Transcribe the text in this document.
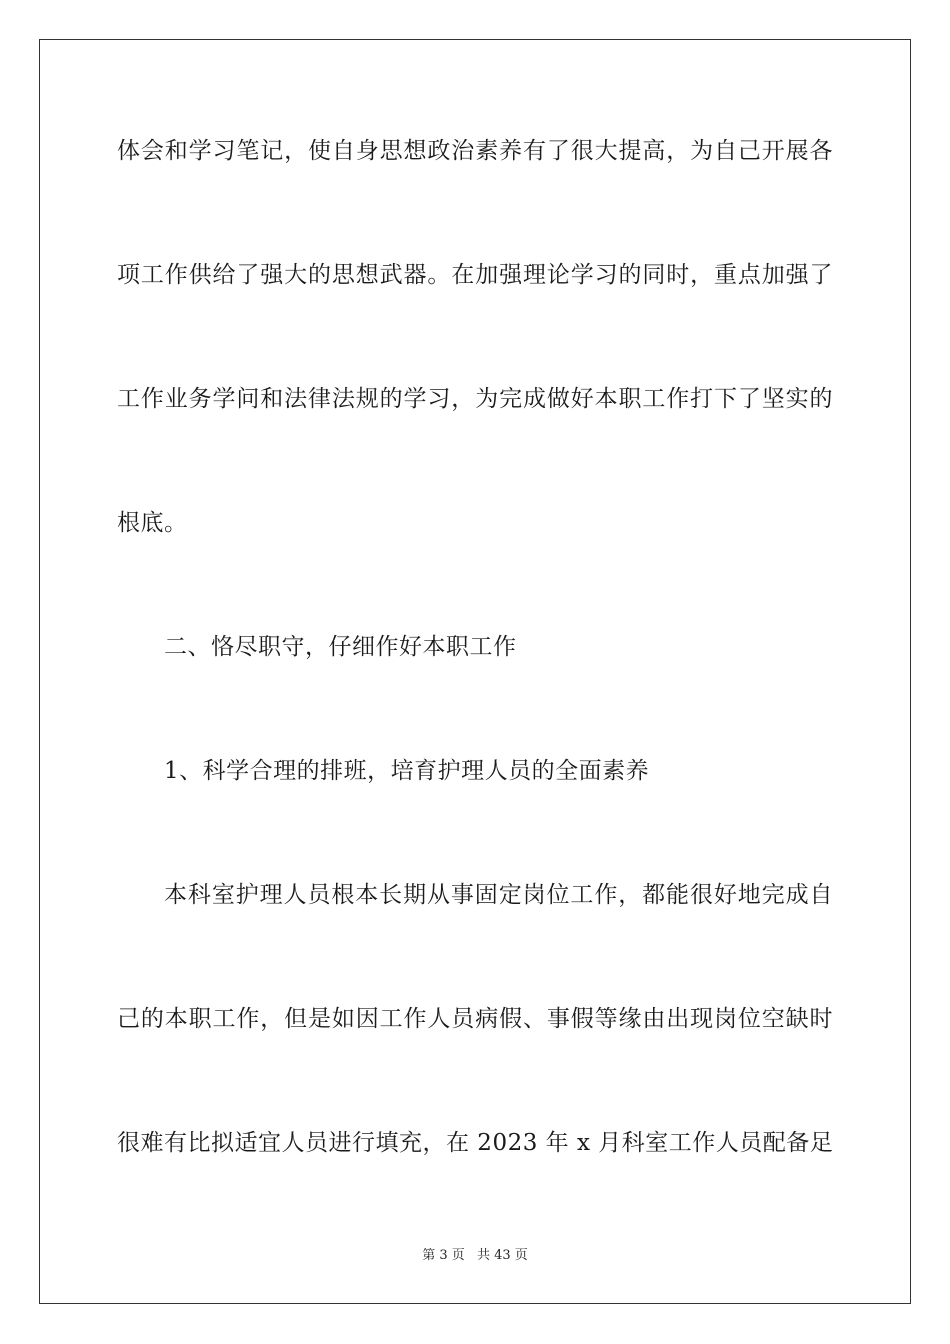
体会和学习笔记，使自身思想政治素养有了很大提高，为自己开展各
项工作供给了强大的思想武器。在加强理论学习的同时，重点加强了
工作业务学问和法律法规的学习，为完成做好本职工作打下了坚实的
根底。
二、恪尽职守，仔细作好本职工作
1、科学合理的排班，培育护理人员的全面素养
本科室护理人员根本长期从事固定岗位工作，都能很好地完成自
己的本职工作，但是如因工作人员病假、事假等缘由出现岗位空缺时
很难有比拟适宜人员进行填充，在 2023 年 x 月科室工作人员配备足
第 3 页 共 43 页
